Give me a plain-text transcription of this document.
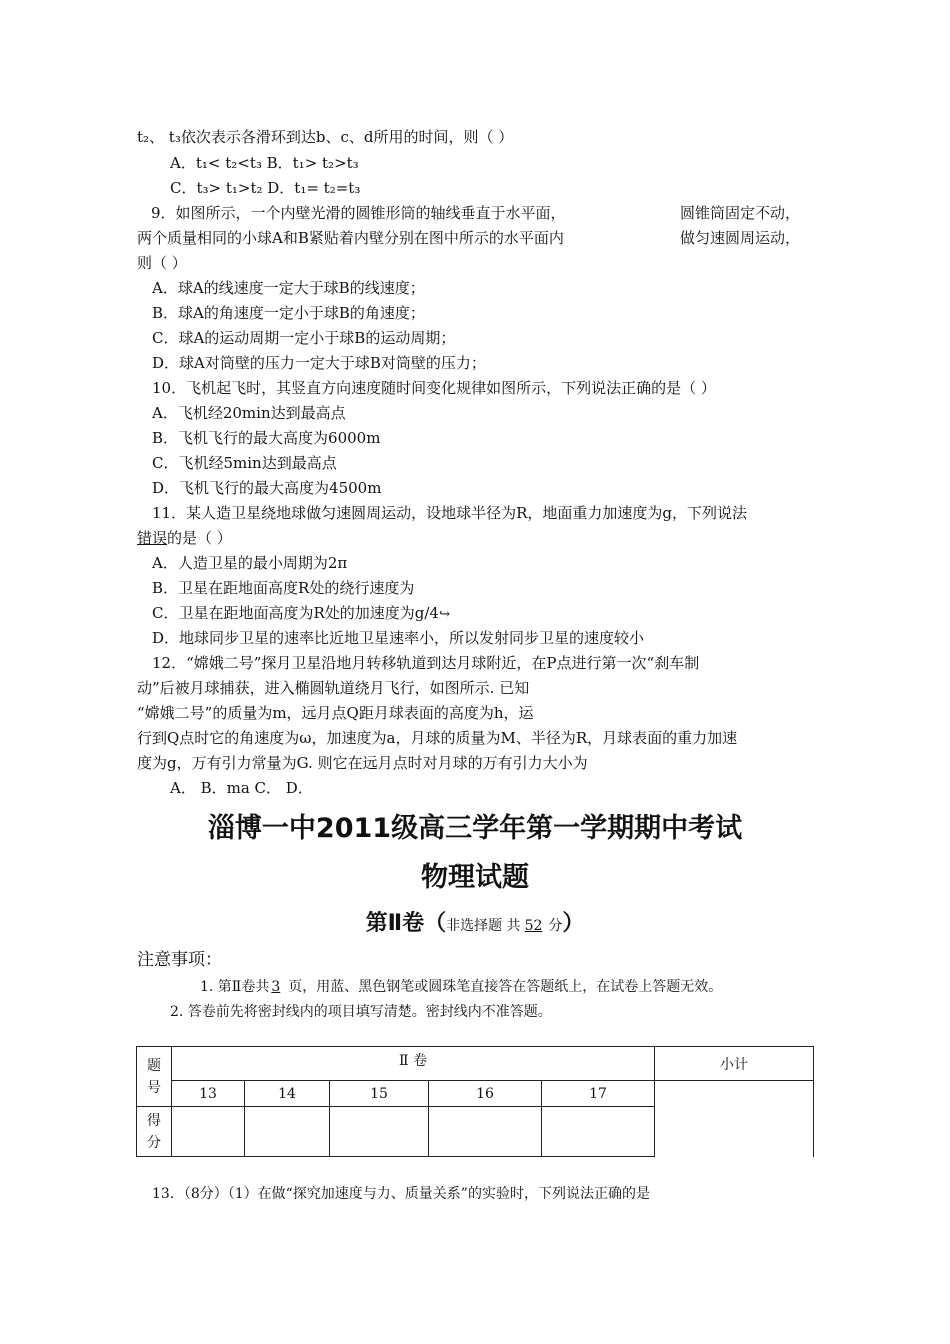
t₂、 t₃依次表示各滑环到达b、c、d所用的时间，则（ ）
A．t₁< t₂<t₃ B．t₁> t₂>t₃
C．t₃> t₁>t₂ D．t₁= t₂=t₃
9．如图所示，一个内壁光滑的圆锥形筒的轴线垂直于水平面，	圆锥筒固定不动，
两个质量相同的小球A和B紧贴着内壁分别在图中所示的水平面内	做匀速圆周运动，
则（ ）
A．球A的线速度一定大于球B的线速度；
B．球A的角速度一定小于球B的角速度；
C．球A的运动周期一定小于球B的运动周期；
D．球A对筒壁的压力一定大于球B对筒壁的压力；
10．飞机起飞时，其竖直方向速度随时间变化规律如图所示，下列说法正确的是（ ）
A．飞机经20min达到最高点
B．飞机飞行的最大高度为6000m
C．飞机经5min达到最高点
D．飞机飞行的最大高度为4500m
11．某人造卫星绕地球做匀速圆周运动，设地球半径为R，地面重力加速度为g，下列说法
错误的是（ ）
A．人造卫星的最小周期为2π
B．卫星在距地面高度R处的绕行速度为
C．卫星在距地面高度为R处的加速度为g/4↪
D．地球同步卫星的速率比近地卫星速率小，所以发射同步卫星的速度较小
12．“嫦娥二号”探月卫星沿地月转移轨道到达月球附近，在P点进行第一次“刹车制
动”后被月球捕获，进入椭圆轨道绕月飞行，如图所示. 已知
“嫦娥二号”的质量为m，远月点Q距月球表面的高度为h，运
行到Q点时它的角速度为ω，加速度为a，月球的质量为M、半径为R，月球表面的重力加速
度为g，万有引力常量为G. 则它在远月点时对月球的万有引力大小为
A． B．ma C． D．
淄博一中2011级高三学年第一学期期中考试
物理试题
第Ⅱ卷（非选择题 共 52 分）
注意事项：
1. 第Ⅱ卷共 3 页，用蓝、黑色钢笔或圆珠笔直接答在答题纸上，在试卷上答题无效。
2. 答卷前先将密封线内的项目填写清楚。密封线内不准答题。
题
号	Ⅱ 卷					小计
	13	14	15	16	17	

得
分						

13．（8分）（1）在做“探究加速度与力、质量关系”的实验时，下列说法正确的是
